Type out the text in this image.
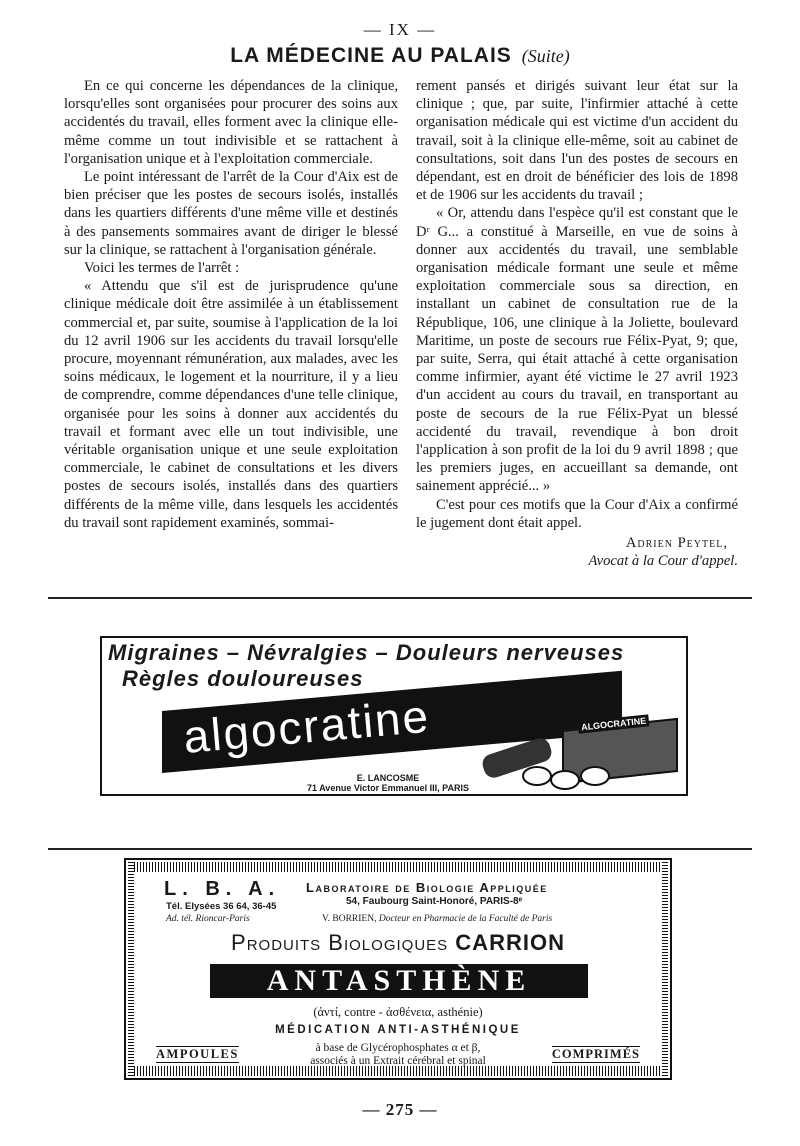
— IX —
LA MÉDECINE AU PALAIS (Suite)

En ce qui concerne les dépendances de la clinique, lorsqu'elles sont organisées pour procurer des soins aux accidentés du travail, elles forment avec la clinique elle-même comme un tout indivisible et se rattachent à l'organisation unique et à l'exploitation commerciale.

Le point intéressant de l'arrêt de la Cour d'Aix est de bien préciser que les postes de secours isolés, installés dans les quartiers différents d'une même ville et destinés à des pansements sommaires avant de diriger le blessé sur la clinique, se rattachent à l'organisation générale.

Voici les termes de l'arrêt :

« Attendu que s'il est de jurisprudence qu'une clinique médicale doit être assimilée à un établissement commercial et, par suite, soumise à l'application de la loi du 12 avril 1906 sur les accidents du travail lorsqu'elle procure, moyennant rémunération, aux malades, avec les soins médicaux, le logement et la nourriture, il y a lieu de comprendre, comme dépendances d'une telle clinique, organisée pour les soins à donner aux accidentés du travail et formant avec elle un tout indivisible, une véritable organisation unique et une seule exploitation commerciale, le cabinet de consultations et les divers postes de secours isolés, installés dans des quartiers différents de la même ville, dans lesquels les accidentés du travail sont rapidement examinés, sommai-

rement pansés et dirigés suivant leur état sur la clinique ; que, par suite, l'infirmier attaché à cette organisation médicale qui est victime d'un accident du travail, soit à la clinique elle-même, soit au cabinet de consultations, soit dans l'un des postes de secours en dépendant, est en droit de bénéficier des lois de 1898 et de 1906 sur les accidents du travail ;

« Or, attendu dans l'espèce qu'il est constant que le Dʳ G... a constitué à Marseille, en vue de soins à donner aux accidentés du travail, une semblable organisation médicale formant une seule et même exploitation commerciale sous sa direction, en installant un cabinet de consultation rue de la République, 106, une clinique à la Joliette, boulevard Maritime, un poste de secours rue Félix-Pyat, 9; que, par suite, Serra, qui était attaché à cette organisation comme infirmier, ayant été victime le 27 avril 1923 d'un accident au cours du travail, en transportant au poste de secours de la rue Félix-Pyat un blessé accidenté du travail, revendique à bon droit l'application à son profit de la loi du 9 avril 1898 ; que les premiers juges, en accueillant sa demande, ont sainement apprécié... »

C'est pour ces motifs que la Cour d'Aix a confirmé le jugement dont était appel.

Adrien Peytel,
Avocat à la Cour d'appel.
Migraines – Névralgies – Douleurs nerveuses
Règles douloureuses
algocratine	ALGOCRATINE
E. LANCOSME
71 Avenue Victor Emmanuel III, PARIS
L. B. A.
Tél. Elysées 36 64, 36-45
Ad. tél. Rioncar-Paris
Laboratoire de Biologie Appliquée
54, Faubourg Saint-Honoré, PARIS-8ᵉ
V. BORRIEN, Docteur en Pharmacie de la Faculté de Paris
Produits Biologiques CARRION
ANTASTHÈNE
(ἀντί, contre - ἀσθένεια, asthénie)
MÉDICATION ANTI-ASTHÉNIQUE
AMPOULES	à base de Glycérophosphates α et β,
associés à un Extrait cérébral et spinal	COMPRIMÉS
— 275 —
